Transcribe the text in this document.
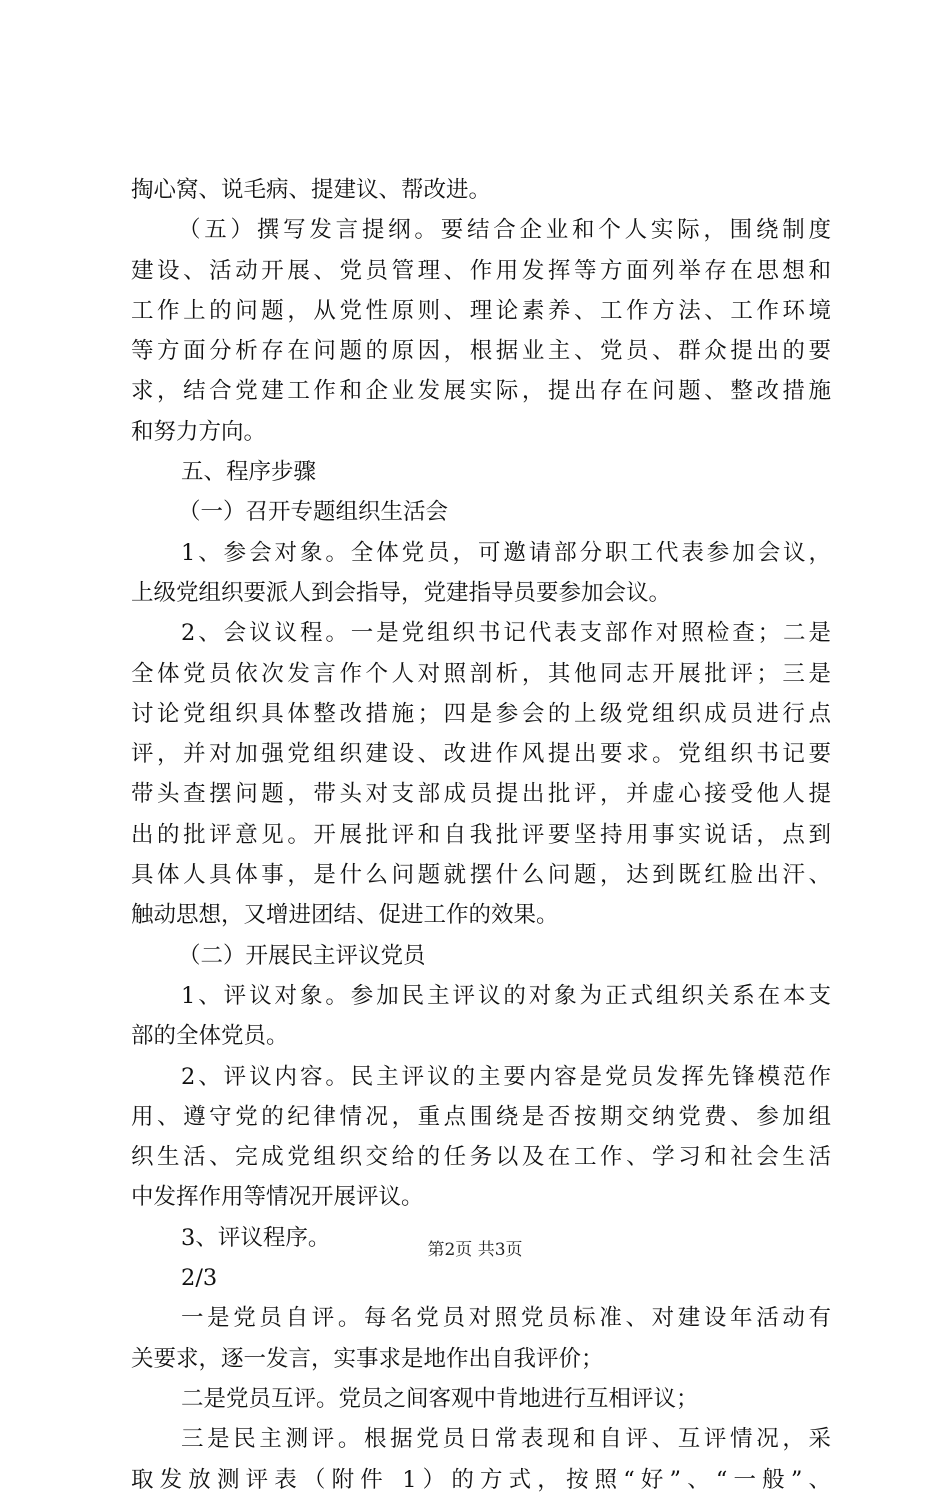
掏心窝、说毛病、提建议、帮改进。
（五）撰写发言提纲。要结合企业和个人实际，围绕制度
建设、活动开展、党员管理、作用发挥等方面列举存在思想和
工作上的问题，从党性原则、理论素养、工作方法、工作环境
等方面分析存在问题的原因，根据业主、党员、群众提出的要
求，结合党建工作和企业发展实际，提出存在问题、整改措施
和努力方向。
五、程序步骤
（一）召开专题组织生活会
1、参会对象。全体党员，可邀请部分职工代表参加会议，
上级党组织要派人到会指导，党建指导员要参加会议。
2、会议议程。一是党组织书记代表支部作对照检查；二是
全体党员依次发言作个人对照剖析，其他同志开展批评；三是
讨论党组织具体整改措施；四是参会的上级党组织成员进行点
评，并对加强党组织建设、改进作风提出要求。党组织书记要
带头查摆问题，带头对支部成员提出批评，并虚心接受他人提
出的批评意见。开展批评和自我批评要坚持用事实说话，点到
具体人具体事，是什么问题就摆什么问题，达到既红脸出汗、
触动思想，又增进团结、促进工作的效果。
（二）开展民主评议党员
1、评议对象。参加民主评议的对象为正式组织关系在本支
部的全体党员。
2、评议内容。民主评议的主要内容是党员发挥先锋模范作
用、遵守党的纪律情况，重点围绕是否按期交纳党费、参加组
织生活、完成党组织交给的任务以及在工作、学习和社会生活
中发挥作用等情况开展评议。
3、评议程序。
2/3
一是党员自评。每名党员对照党员标准、对建设年活动有
关要求，逐一发言，实事求是地作出自我评价；
二是党员互评。党员之间客观中肯地进行互相评议；
三是民主测评。根据党员日常表现和自评、互评情况，采
取发放测评表（附件 1）的方式，按照“好”、“一般”、
第2页 共3页
